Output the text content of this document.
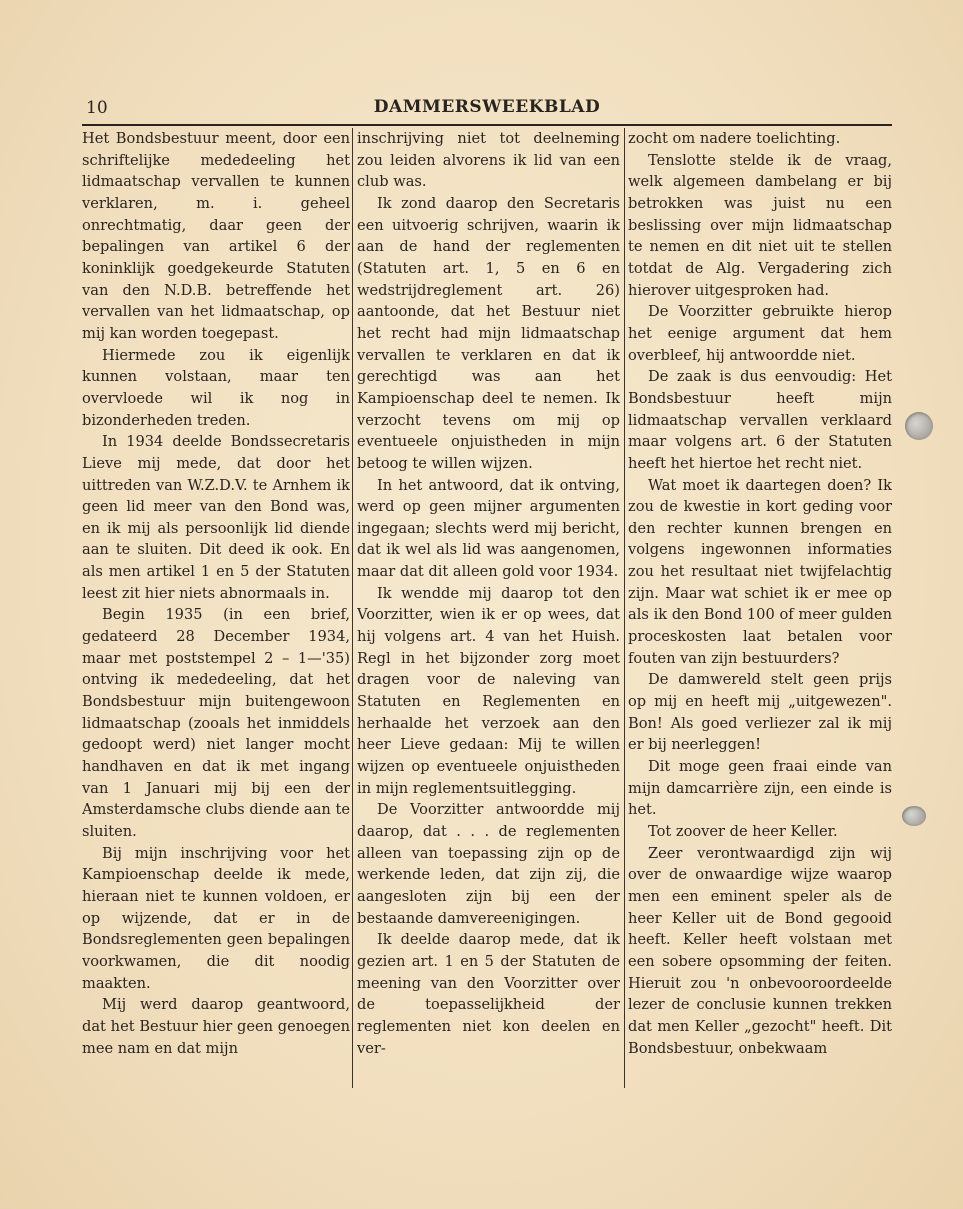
10	DAMMERSWEEKBLAD

Het Bondsbestuur meent, door een schriftelijke mededeeling het lidmaatschap vervallen te kunnen verklaren, m. i. geheel onrechtmatig, daar geen der bepalingen van artikel 6 der koninklijk goedgekeurde Statuten van den N.D.B. betreffende het vervallen van het lidmaatschap, op mij kan worden toegepast.

Hiermede zou ik eigenlijk kunnen volstaan, maar ten overvloede wil ik nog in bizonderheden treden.

In 1934 deelde Bondssecretaris Lieve mij mede, dat door het uittreden van W.Z.D.V. te Arnhem ik geen lid meer van den Bond was, en ik mij als persoonlijk lid diende aan te sluiten. Dit deed ik ook. En als men artikel 1 en 5 der Statuten leest zit hier niets abnormaals in.

Begin 1935 (in een brief, gedateerd 28 December 1934, maar met poststempel 2 – 1—'35) ontving ik mededeeling, dat het Bondsbestuur mijn buitengewoon lidmaatschap (zooals het inmiddels gedoopt werd) niet langer mocht handhaven en dat ik met ingang van 1 Januari mij bij een der Amsterdamsche clubs diende aan te sluiten.

Bij mijn inschrijving voor het Kampioenschap deelde ik mede, hieraan niet te kunnen voldoen, er op wijzende, dat er in de Bondsreglementen geen bepalingen voorkwamen, die dit noodig maakten.

Mij werd daarop geantwoord, dat het Bestuur hier geen genoegen mee nam en dat mijn

inschrijving niet tot deelneming zou leiden alvorens ik lid van een club was.

Ik zond daarop den Secretaris een uitvoerig schrijven, waarin ik aan de hand der reglementen (Statuten art. 1, 5 en 6 en wedstrijdreglement art. 26) aantoonde, dat het Bestuur niet het recht had mijn lidmaatschap vervallen te verklaren en dat ik gerechtigd was aan het Kampioenschap deel te nemen. Ik verzocht tevens om mij op eventueele onjuistheden in mijn betoog te willen wijzen.

In het antwoord, dat ik ontving, werd op geen mijner argumenten ingegaan; slechts werd mij bericht, dat ik wel als lid was aangenomen, maar dat dit alleen gold voor 1934.

Ik wendde mij daarop tot den Voorzitter, wien ik er op wees, dat hij volgens art. 4 van het Huish. Regl in het bijzonder zorg moet dragen voor de naleving van Statuten en Reglementen en herhaalde het verzoek aan den heer Lieve gedaan: Mij te willen wijzen op eventueele onjuistheden in mijn reglementsuitlegging.

De Voorzitter antwoordde mij daarop, dat . . . de reglementen alleen van toepassing zijn op de werkende leden, dat zijn zij, die aangesloten zijn bij een der bestaande damvereenigingen.

Ik deelde daarop mede, dat ik gezien art. 1 en 5 der Statuten de meening van den Voorzitter over de toepasselijkheid der reglementen niet kon deelen en ver-

zocht om nadere toelichting.

Tenslotte stelde ik de vraag, welk algemeen dambelang er bij betrokken was juist nu een beslissing over mijn lidmaatschap te nemen en dit niet uit te stellen totdat de Alg. Vergadering zich hierover uitgesproken had.

De Voorzitter gebruikte hierop het eenige argument dat hem overbleef, hij antwoordde niet.

De zaak is dus eenvoudig: Het Bondsbestuur heeft mijn lidmaatschap vervallen verklaard maar volgens art. 6 der Statuten heeft het hiertoe het recht niet.

Wat moet ik daartegen doen? Ik zou de kwestie in kort geding voor den rechter kunnen brengen en volgens ingewonnen informaties zou het resultaat niet twijfelachtig zijn. Maar wat schiet ik er mee op als ik den Bond 100 of meer gulden proceskosten laat betalen voor fouten van zijn bestuurders?

De damwereld stelt geen prijs op mij en heeft mij „uitgewezen". Bon! Als goed verliezer zal ik mij er bij neerleggen!

Dit moge geen fraai einde van mijn damcarrière zijn, een einde is het.

Tot zoover de heer Keller.

Zeer verontwaardigd zijn wij over de onwaardige wijze waarop men een eminent speler als de heer Keller uit de Bond gegooid heeft. Keller heeft volstaan met een sobere opsomming der feiten. Hieruit zou 'n onbevooroordeelde lezer de conclusie kunnen trekken dat men Keller „gezocht" heeft. Dit Bondsbestuur, onbekwaam
